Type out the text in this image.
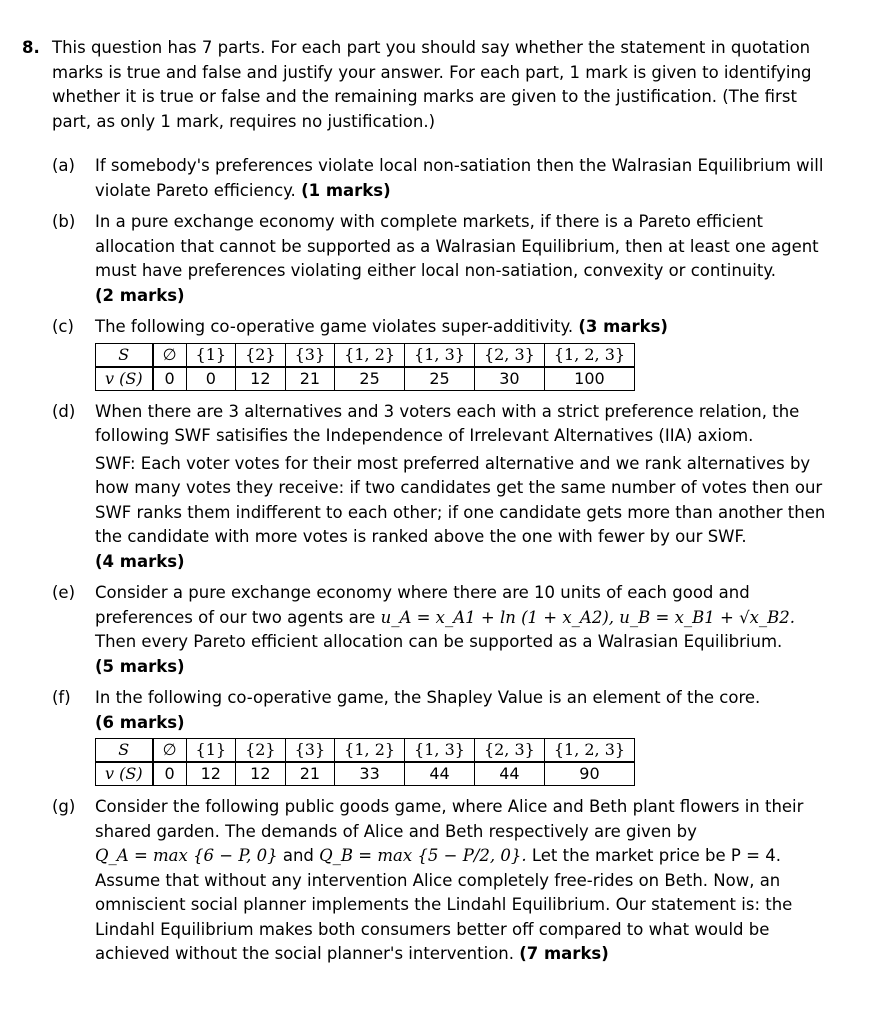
8. This question has 7 parts. For each part you should say whether the statement in quotation marks is true and false and justify your answer. For each part, 1 mark is given to identifying whether it is true or false and the remaining marks are given to the justification. (The first part, as only 1 mark, requires no justification.)
(a)	If somebody's preferences violate local non-satiation then the Walrasian Equilibrium will violate Pareto efficiency. (1 marks)
(b)	In a pure exchange economy with complete markets, if there is a Pareto efficient allocation that cannot be supported as a Walrasian Equilibrium, then at least one agent must have preferences violating either local non-satiation, convexity or continuity.
(2 marks)
(c)	The following co-operative game violates super-additivity. (3 marks)
S	∅	{1}	{2}	{3}	{1, 2}	{1, 3}	{2, 3}	{1, 2, 3}
v (S)	0	0	12	21	25	25	30	100
(d)	When there are 3 alternatives and 3 voters each with a strict preference relation, the following SWF satisifies the Independence of Irrelevant Alternatives (IIA) axiom.
SWF: Each voter votes for their most preferred alternative and we rank alternatives by how many votes they receive: if two candidates get the same number of votes then our SWF ranks them indifferent to each other; if one candidate gets more than another then the candidate with more votes is ranked above the one with fewer by our SWF.
(4 marks)
(e)	Consider a pure exchange economy where there are 10 units of each good and preferences of our two agents are u_A = x_A1 + ln (1 + x_A2), u_B = x_B1 + √x_B2. Then every Pareto efficient allocation can be supported as a Walrasian Equilibrium.
(5 marks)
(f)	In the following co-operative game, the Shapley Value is an element of the core.
(6 marks)
S	∅	{1}	{2}	{3}	{1, 2}	{1, 3}	{2, 3}	{1, 2, 3}
v (S)	0	12	12	21	33	44	44	90
(g)	Consider the following public goods game, where Alice and Beth plant flowers in their shared garden. The demands of Alice and Beth respectively are given by
Q_A = max {6 − P, 0} and Q_B = max {5 − P/2, 0}. Let the market price be P = 4. Assume that without any intervention Alice completely free-rides on Beth. Now, an omniscient social planner implements the Lindahl Equilibrium. Our statement is: the Lindahl Equilibrium makes both consumers better off compared to what would be achieved without the social planner's intervention. (7 marks)
